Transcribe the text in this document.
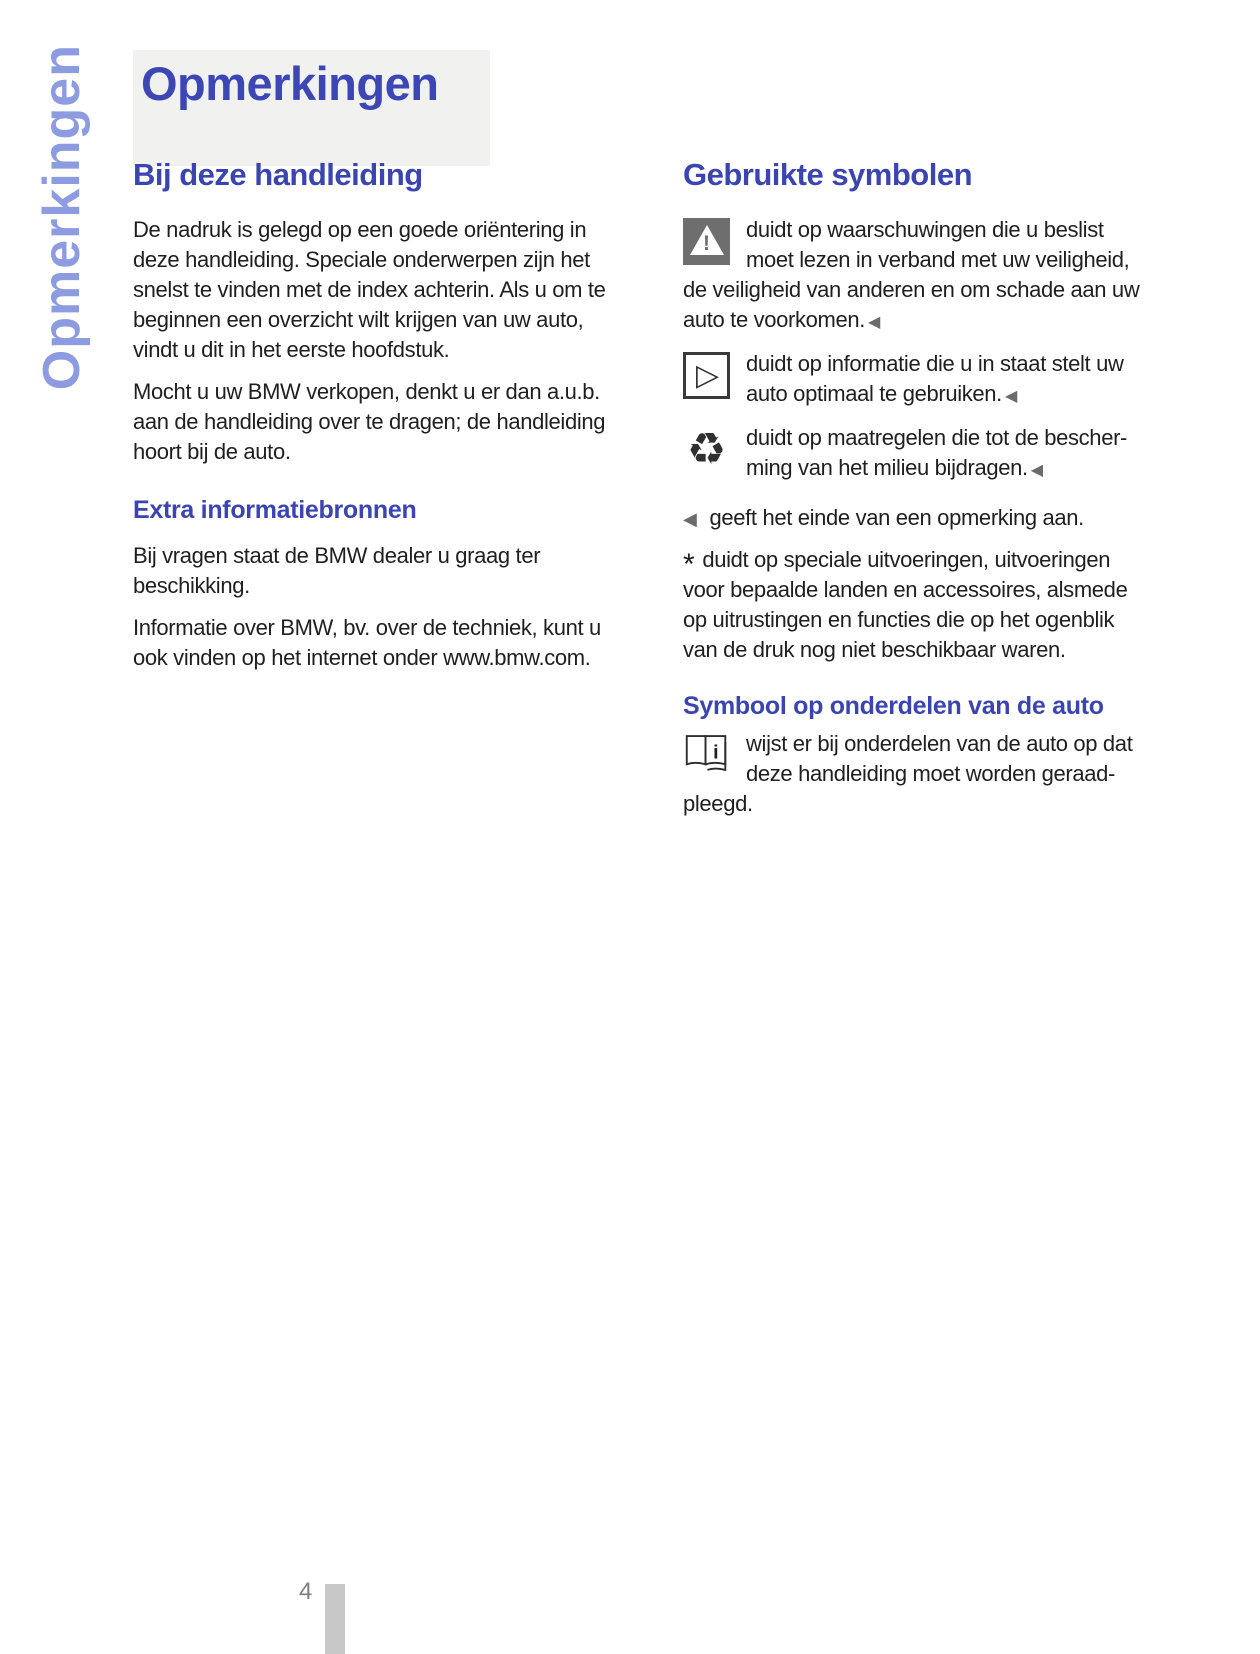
Opmerkingen Opmerkingen
Bij deze handleiding

De nadruk is gelegd op een goede oriëntering in deze handleiding. Speciale onderwerpen zijn het snelst te vinden met de index achterin. Als u om te beginnen een overzicht wilt krijgen van uw auto, vindt u dit in het eerste hoofdstuk.

Mocht u uw BMW verkopen, denkt u er dan a.u.b. aan de handleiding over te dragen; de handleiding hoort bij de auto.

Extra informatiebronnen

Bij vragen staat de BMW dealer u graag ter beschikking.

Informatie over BMW, bv. over de techniek, kunt u ook vinden op het internet onder www.bmw.com.

Gebruikte symbolen
!
duidt op waarschuwingen die u beslist
moet lezen in verband met uw veiligheid,
de veiligheid van anderen en om schade aan uw
auto te voorkomen. ◀
▷
duidt op informatie die u in staat stelt uw
auto optimaal te gebruiken. ◀
♻
duidt op maatregelen die tot de bescher-
ming van het milieu bijdragen. ◀

◀ geeft het einde van een opmerking aan.

* duidt op speciale uitvoeringen, uitvoeringen
voor bepaalde landen en accessoires, alsmede
op uitrustingen en functies die op het ogenblik
van de druk nog niet beschikbaar waren.
Symbool op onderdelen van de auto
i	wijst er bij onderdelen van de auto op dat
deze handleiding moet worden geraad-
pleegd.
4
